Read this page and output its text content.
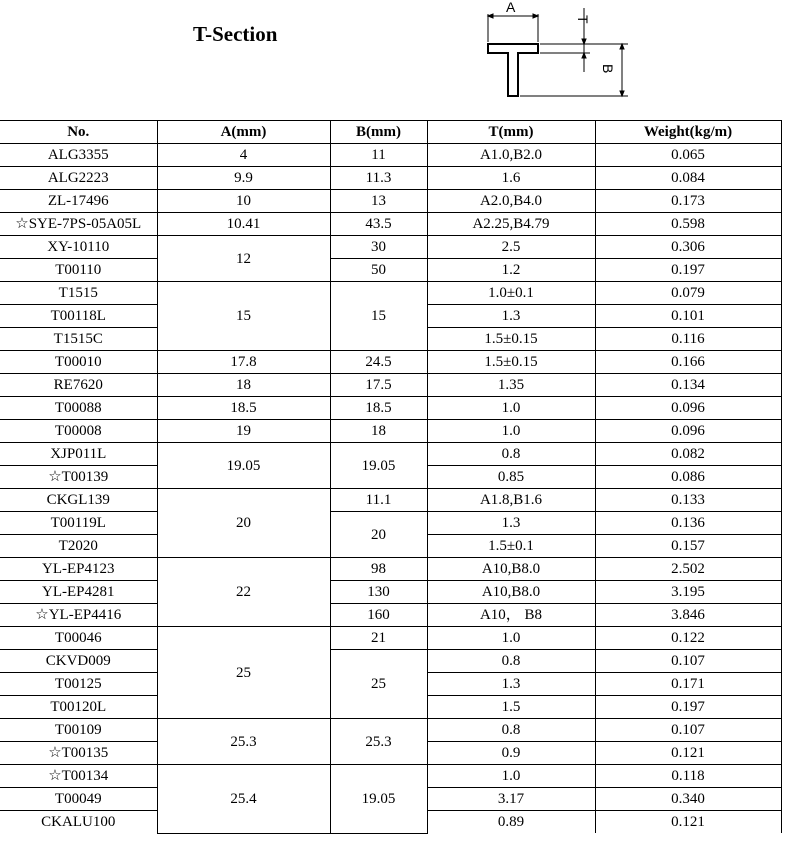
T-Section
A
T
B
No.	A(mm)	B(mm)	T(mm)	Weight(kg/m)
ALG3355	4	11	A1.0,B2.0	0.065
ALG2223	9.9	11.3	1.6	0.084
ZL-17496	10	13	A2.0,B4.0	0.173
☆SYE-7PS-05A05L	10.41	43.5	A2.25,B4.79	0.598
XY-10110	12	30	2.5	0.306
T00110		50	1.2	0.197
T1515	15	15	1.0±0.1	0.079
T00118L			1.3	0.101
T1515C			1.5±0.15	0.116
T00010	17.8	24.5	1.5±0.15	0.166
RE7620	18	17.5	1.35	0.134
T00088	18.5	18.5	1.0	0.096
T00008	19	18	1.0	0.096
XJP011L	19.05	19.05	0.8	0.082
☆T00139			0.85	0.086
CKGL139	20	11.1	A1.8,B1.6	0.133
T00119L		20	1.3	0.136
T2020			1.5±0.1	0.157
YL-EP4123	22	98	A10,B8.0	2.502
YL-EP4281		130	A10,B8.0	3.195
☆YL-EP4416		160	A10， B8	3.846
T00046	25	21	1.0	0.122
CKVD009		25	0.8	0.107
T00125			1.3	0.171
T00120L			1.5	0.197
T00109	25.3	25.3	0.8	0.107
☆T00135			0.9	0.121
☆T00134	25.4	19.05	1.0	0.118
T00049			3.17	0.340
CKALU100			0.89	0.121
